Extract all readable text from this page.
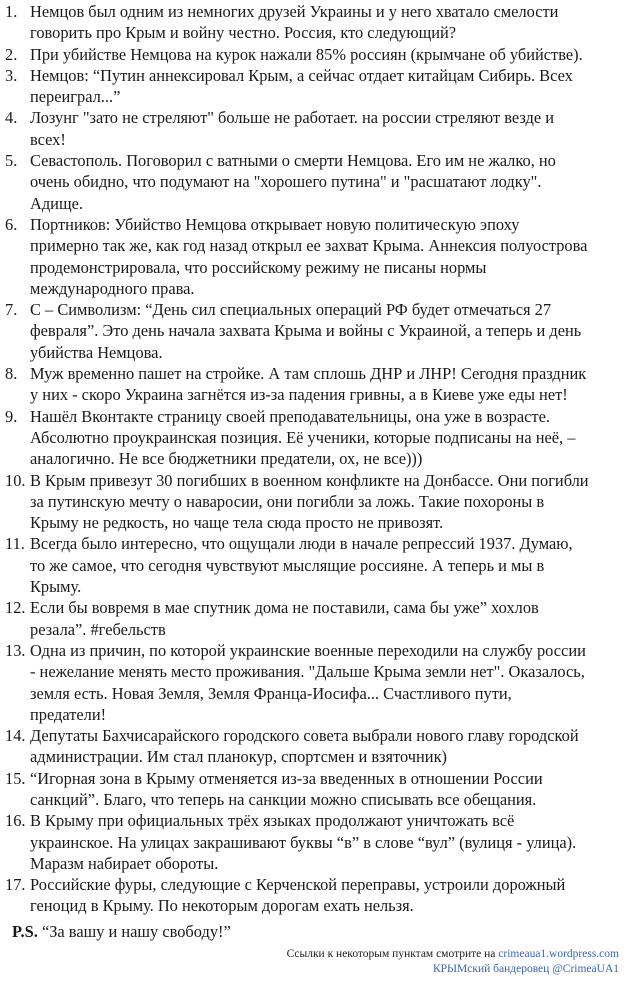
1. Немцов был одним из немногих друзей Украины и у него хватало смелости
говорить про Крым и войну честно. Россия, кто следующий?
2. При убийстве Немцова на курок нажали 85% россиян (крымчане об убийстве).
3. Немцов: “Путин аннексировал Крым, а сейчас отдает китайцам Сибирь. Всех
переиграл...”
4. Лозунг "зато не стреляют" больше не работает. на россии стреляют везде и
всех!
5. Севастополь. Поговорил с ватными о смерти Немцова. Его им не жалко, но
очень обидно, что подумают на "хорошего путина" и "расшатают лодку".
Адище.
6. Портников: Убийство Немцова открывает новую политическую эпоху
примерно так же, как год назад открыл ее захват Крыма. Аннексия полуострова
продемонстрировала, что российскому режиму не писаны нормы
международного права.
7. С – Символизм: “День сил специальных операций РФ будет отмечаться 27
февраля”. Это день начала захвата Крыма и войны с Украиной, а теперь и день
убийства Немцова.
8. Муж временно пашет на стройке. А там сплошь ДНР и ЛНР! Сегодня праздник
у них - скоро Украина загнётся из-за падения гривны, а в Киеве уже еды нет!
9. Нашёл Вконтакте страницу своей преподавательницы, она уже в возрасте.
Абсолютно проукраинская позиция. Её ученики, которые подписаны на неё, –
аналогично. Не все бюджетники предатели, ох, не все)))
10. В Крым привезут 30 погибших в военном конфликте на Донбассе. Они погибли
за путинскую мечту о наваросии, они погибли за ложь. Такие похороны в
Крыму не редкость, но чаще тела сюда просто не привозят.
11. Всегда было интересно, что ощущали люди в начале репрессий 1937. Думаю,
то же самое, что сегодня чувствуют мыслящие россияне. А теперь и мы в
Крыму.
12. Если бы вовремя в мае спутник дома не поставили, сама бы уже” хохлов
резала”. #гебельств
13. Одна из причин, по которой украинские военные переходили на службу россии
- нежелание менять место проживания. "Дальше Крыма земли нет". Оказалось,
земля есть. Новая Земля, Земля Франца-Иосифа... Счастливого пути,
предатели!
14. Депутаты Бахчисарайского городского совета выбрали нового главу городской
администрации. Им стал планокур, спортсмен и взяточник)
15. “Игорная зона в Крыму отменяется из-за введенных в отношении России
санкций”. Благо, что теперь на санкции можно списывать все обещания.
16. В Крыму при официальных трёх языках продолжают уничтожать всё
украинское. На улицах закрашивают буквы “в” в слове “вул” (вулиця - улица).
Маразм набирает обороты.
17. Российские фуры, следующие с Керченской переправы, устроили дорожный
геноцид в Крыму. По некоторым дорогам ехать нельзя.
P.S. “За вашу и нашу свободу!”
Ссылки к некоторым пунктам смотрите на crimeaua1.wordpress.com
КРЫМский бандеровец @CrimeaUA1
